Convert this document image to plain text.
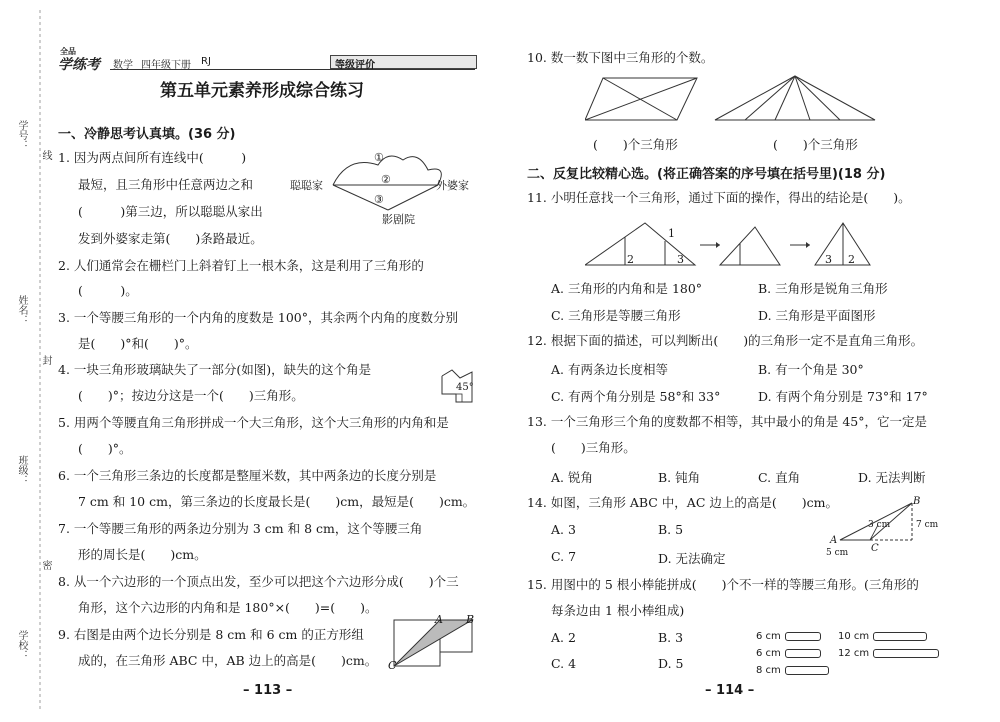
学号：
姓名：
班级：
学校：
线
封
密
全品
学练考 数学 四年级下册 RJ	等级评价
第五单元素养形成综合练习
一、冷静思考认真填。(36 分)
1. 因为两点间所有连线中(　　　)
最短，且三角形中任意两边之和
(　　　)第三边，所以聪聪从家出
发到外婆家走第(　　)条路最近。
①
②
③
聪聪家	外婆家
影剧院
2. 人们通常会在栅栏门上斜着钉上一根木条，这是利用了三角形的
(　　　)。
3. 一个等腰三角形的一个内角的度数是 100°，其余两个内角的度数分别
是(　　)°和(　　)°。
4. 一块三角形玻璃缺失了一部分(如图)，缺失的这个角是
(　　)°；按边分这是一个(　　)三角形。
45°
5. 用两个等腰直角三角形拼成一个大三角形，这个大三角形的内角和是
(　　)°。
6. 一个三角形三条边的长度都是整厘米数，其中两条边的长度分别是
7 cm 和 10 cm，第三条边的长度最长是(　　)cm，最短是(　　)cm。
7. 一个等腰三角形的两条边分别为 3 cm 和 8 cm，这个等腰三角
形的周长是(　　)cm。
8. 从一个六边形的一个顶点出发，至少可以把这个六边形分成(　　)个三
角形，这个六边形的内角和是 180°×(　　)=(　　)。
9. 右图是由两个边长分别是 8 cm 和 6 cm 的正方形组
成的，在三角形 ABC 中，AB 边上的高是(　　)cm。
A B
C
– 113 –
10. 数一数下图中三角形的个数。
(　　)个三角形	(　　)个三角形
二、反复比较精心选。(将正确答案的序号填在括号里)(18 分)
11. 小明任意找一个三角形，通过下面的操作，得出的结论是(　　)。
2	3
1
3 2
A. 三角形的内角和是 180°	B. 三角形是锐角三角形
C. 三角形是等腰三角形	D. 三角形是平面图形
12. 根据下面的描述，可以判断出(　　)的三角形一定不是直角三角形。
A. 有两条边长度相等	B. 有一个角是 30°
C. 有两个角分别是 58°和 33°	D. 有两个角分别是 73°和 17°
13. 一个三角形三个角的度数都不相等，其中最小的角是 45°，它一定是
(　　)三角形。
A. 锐角	B. 钝角	C. 直角	D. 无法判断
14. 如图，三角形 ABC 中，AC 边上的高是(　　)cm。
A. 3	B. 5
C. 7	D. 无法确定
A
B
C
3 cm
5 cm
7 cm
15. 用图中的 5 根小棒能拼成(　　)个不一样的等腰三角形。(三角形的
每条边由 1 根小棒组成)
A. 2	B. 3
C. 4	D. 5
6 cm	10 cm
6 cm	12 cm
8 cm
– 114 –
